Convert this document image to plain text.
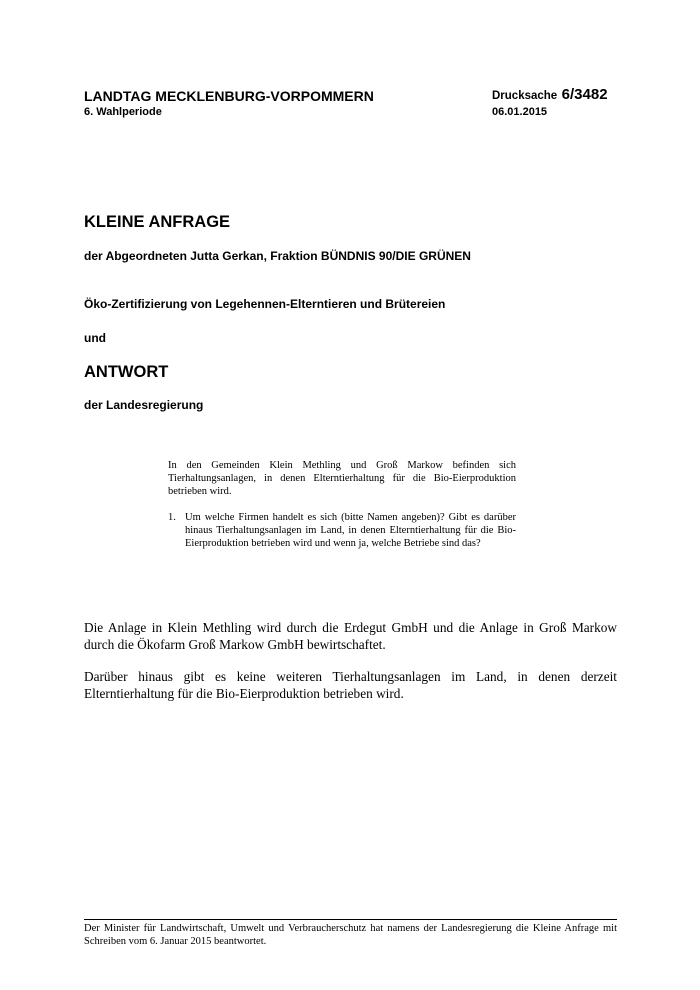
LANDTAG MECKLENBURG-VORPOMMERN
6. Wahlperiode
Drucksache 6/3482
06.01.2015
KLEINE ANFRAGE
der Abgeordneten Jutta Gerkan, Fraktion BÜNDNIS 90/DIE GRÜNEN
Öko-Zertifizierung von Legehennen-Elterntieren und Brütereien
und
ANTWORT
der Landesregierung

In den Gemeinden Klein Methling und Groß Markow befinden sich Tierhaltungsanlagen, in denen Elterntierhaltung für die Bio-Eierproduktion betrieben wird.

1. Um welche Firmen handelt es sich (bitte Namen angeben)? Gibt es darüber hinaus Tierhaltungsanlagen im Land, in denen Elterntierhaltung für die Bio-Eierproduktion betrieben wird und wenn ja, welche Betriebe sind das?
Die Anlage in Klein Methling wird durch die Erdegut GmbH und die Anlage in Groß Markow durch die Ökofarm Groß Markow GmbH bewirtschaftet.
Darüber hinaus gibt es keine weiteren Tierhaltungsanlagen im Land, in denen derzeit Elterntierhaltung für die Bio-Eierproduktion betrieben wird.
Der Minister für Landwirtschaft, Umwelt und Verbraucherschutz hat namens der Landesregierung die Kleine Anfrage mit Schreiben vom 6. Januar 2015 beantwortet.
